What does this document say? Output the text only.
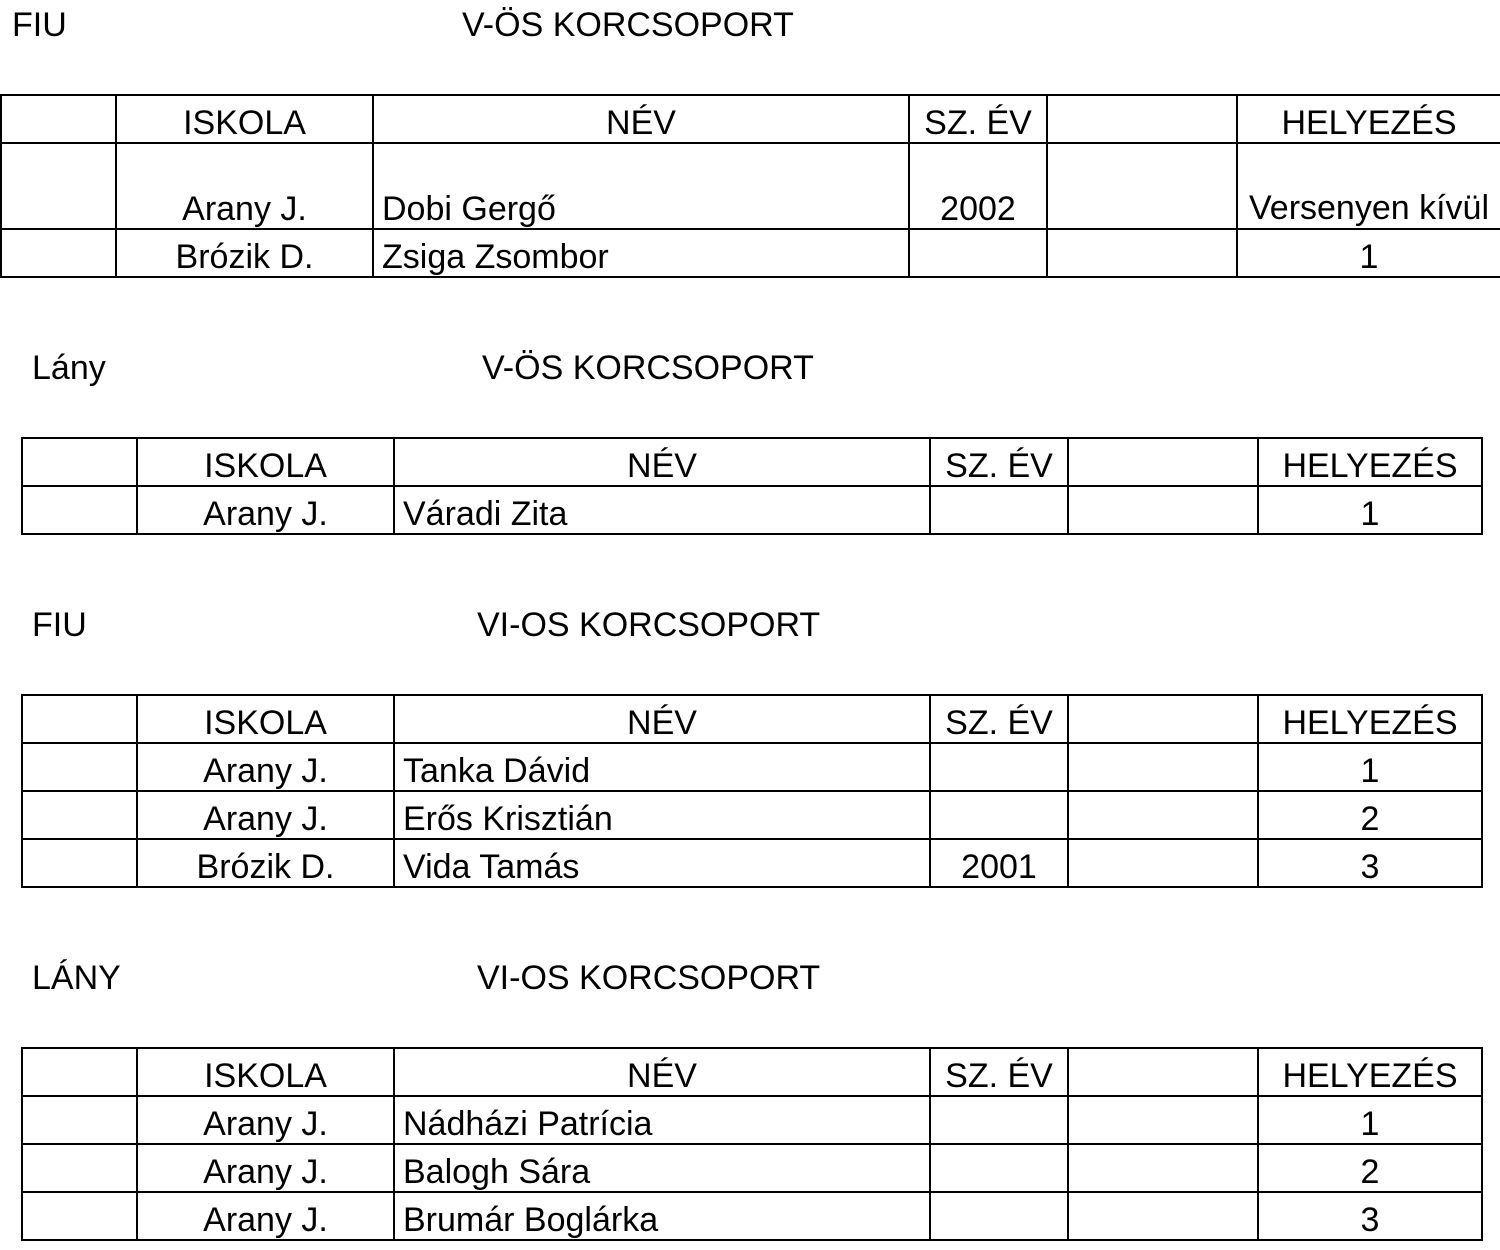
FIU	V-ÖS KORCSOPORT
	ISKOLA	NÉV	SZ. ÉV		HELYEZÉS
	Arany J.	Dobi Gergő	2002		Versenyen kívül
	Brózik D.	Zsiga Zsombor			1
Lány	V-ÖS KORCSOPORT
	ISKOLA	NÉV	SZ. ÉV		HELYEZÉS
	Arany J.	Váradi Zita			1
FIU	VI-OS KORCSOPORT
	ISKOLA	NÉV	SZ. ÉV		HELYEZÉS
	Arany J.	Tanka Dávid			1
	Arany J.	Erős Krisztián			2
	Brózik D.	Vida Tamás	2001		3
LÁNY	VI-OS KORCSOPORT
	ISKOLA	NÉV	SZ. ÉV		HELYEZÉS
	Arany J.	Nádházi Patrícia			1
	Arany J.	Balogh Sára			2
	Arany J.	Brumár Boglárka			3
